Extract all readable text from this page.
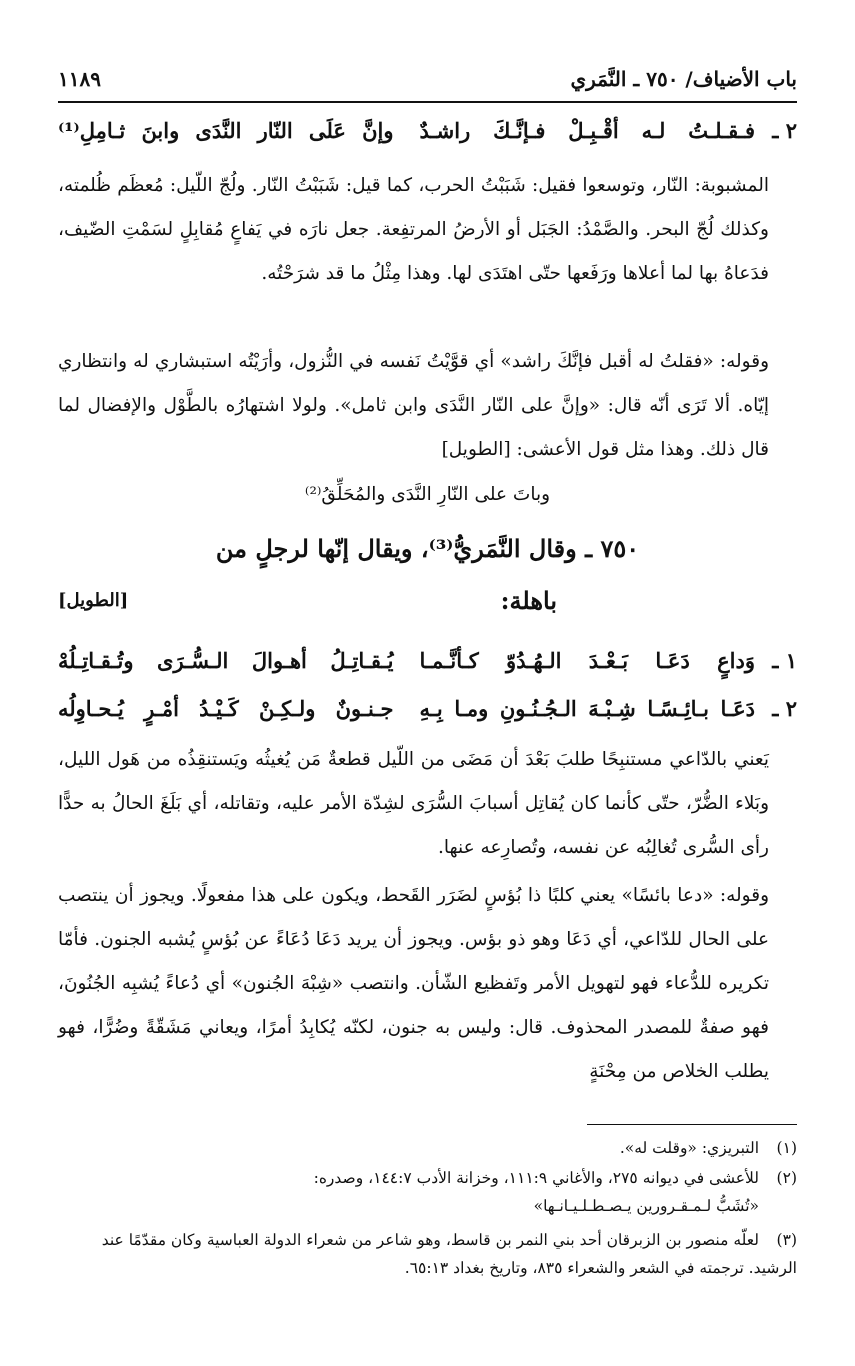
باب الأضياف/ ٧٥٠ ـ النَّمَري
١١٨٩
٢ ـ
فـقـلـتُ لـه أقْـبِـلْ فـإنَّـكَ راشـدٌ
وإنَّ عَلَى النّار النَّدَى وابنَ ثـامِلِ⁽¹⁾
المشبوبة: النّار، وتوسعوا فقيل: شَبَبْتُ الحرب، كما قيل: شَبَبْتُ النّار. ولُجّ اللّيل: مُعظَم ظُلمته، وكذلك لُجّ البحر. والصَّمْدُ: الجَبَل أو الأرضُ المرتفِعة. جعل نارَه في يَفاعٍ مُقابِلٍ لسَمْتِ الضّيف، فدَعاهُ بها لما أعلاها ورَفَعها حتّى اهتَدَى لها. وهذا مِثْلُ ما قد شرَحْتُه.
وقوله: «فقلتُ له أقبل فإنَّكَ راشد» أي قوَّيْتُ نَفسه في النُّزول، وأرَيْتُه استبشاري له وانتظاري إيّاه. ألا تَرَى أنّه قال: «وإنَّ على النّار النَّدَى وابن ثامل». ولولا اشتهارُه بالطَّوْل والإفضال لما قال ذلك. وهذا مثل قول الأعشى: [الطويل]
وباتَ على النّارِ النَّدَى والمُحَلِّقُ⁽²⁾
٧٥٠ ـ وقال النَّمَريُّ⁽³⁾، ويقال إنّها لرجلٍ من
باهلة:
[الطويل]
١ ـ
وَداعٍ دَعَـا بَـعْـدَ الـهُـدُوّ كـأنَّـمـا
يُـقـاتِـلُ أهـوالَ الـسُّـرَى وتُـقـاتِـلُهْ
٢ ـ
دَعَـا بـائِـسًـا شِـبْـهَ الـجُـنُـونِ ومـا بِـهِ
جـنـونٌ ولـكِـنْ كَـيْـدُ أمْـرٍ يُـحـاوِلُه
يَعني بالدّاعي مستنبِحًا طلبَ بَعْدَ أن مَضَى من اللّيل قطعةٌ مَن يُغيثُه ويَستنقِذُه من هَول الليل، وبَلاء الضُّرّ، حتّى كأنما كان يُقاتِل أسبابَ السُّرَى لشِدّة الأمر عليه، وتقاتله، أي بَلَغَ الحالُ به حدًّا رأى السُّرى تُغالِبُه عن نفسه، وتُصارِعه عنها.
وقوله: «دعا بائسًا» يعني كلبًا ذا بُؤسٍ لضَرَر القَحط، ويكون على هذا مفعولًا. ويجوز أن ينتصب على الحال للدّاعي، أي دَعَا وهو ذو بؤس. ويجوز أن يريد دَعَا دُعَاءً عن بُؤسٍ يُشبه الجنون. فأمّا تكريره للدُّعاء فهو لتهويل الأمر وتَفظيع الشّأن. وانتصب «شِبْهَ الجُنون» أي دُعاءً يُشبِه الجُنُونَ، فهو صفةٌ للمصدر المحذوف. قال: وليس به جنون، لكنّه يُكابِدُ أمرًا، ويعاني مَشَقّةً وضُرًّا، فهو يطلب الخلاص من مِحْنَةٍ
(١)التبريزي: «وقلت له».
(٢)للأعشى في ديوانه ٢٧٥، والأغاني ٩:‏١١١، وخزانة الأدب ٧:‏١٤٤، وصدره:
«تُشَبُّ لـمـقـرورين يـصـطـلـيـانـها»
(٣)لعلّه منصور بن الزبرقان أحد بني النمر بن قاسط، وهو شاعر من شعراء الدولة العباسية وكان مقدّمًا عند الرشيد. ترجمته في الشعر والشعراء ٨٣٥، وتاريخ بغداد ١٣:‏٦٥.
